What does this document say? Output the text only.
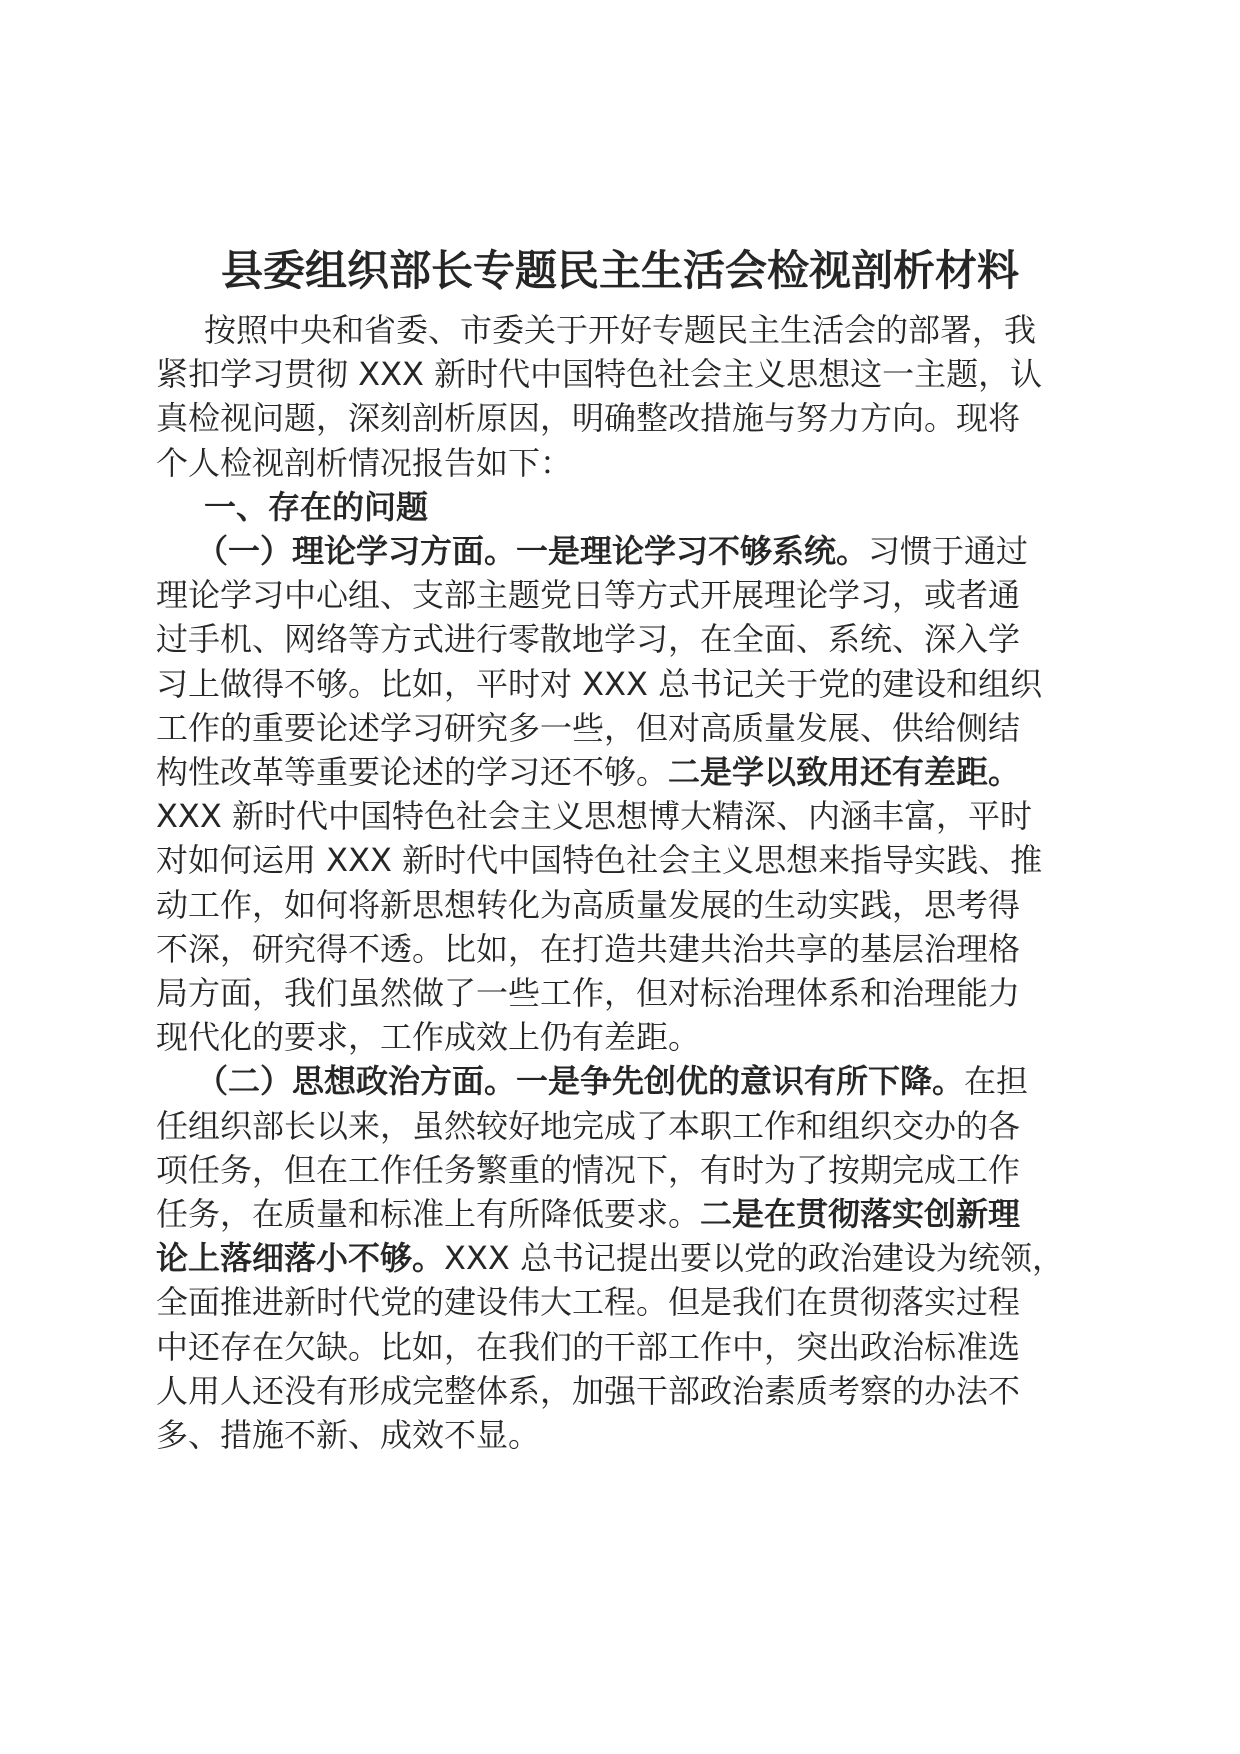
县委组织部长专题民主生活会检视剖析材料
按照中央和省委、市委关于开好专题民主生活会的部署，我
紧扣学习贯彻 XXX 新时代中国特色社会主义思想这一主题，认
真检视问题，深刻剖析原因，明确整改措施与努力方向。现将
个人检视剖析情况报告如下：
一、存在的问题
（一）理论学习方面。一是理论学习不够系统。习惯于通过
理论学习中心组、支部主题党日等方式开展理论学习，或者通
过手机、网络等方式进行零散地学习，在全面、系统、深入学
习上做得不够。比如，平时对 XXX 总书记关于党的建设和组织
工作的重要论述学习研究多一些，但对高质量发展、供给侧结
构性改革等重要论述的学习还不够。二是学以致用还有差距。
XXX 新时代中国特色社会主义思想博大精深、内涵丰富，平时
对如何运用 XXX 新时代中国特色社会主义思想来指导实践、推
动工作，如何将新思想转化为高质量发展的生动实践，思考得
不深，研究得不透。比如，在打造共建共治共享的基层治理格
局方面，我们虽然做了一些工作，但对标治理体系和治理能力
现代化的要求，工作成效上仍有差距。
（二）思想政治方面。一是争先创优的意识有所下降。在担
任组织部长以来，虽然较好地完成了本职工作和组织交办的各
项任务，但在工作任务繁重的情况下，有时为了按期完成工作
任务，在质量和标准上有所降低要求。二是在贯彻落实创新理
论上落细落小不够。XXX 总书记提出要以党的政治建设为统领，
全面推进新时代党的建设伟大工程。但是我们在贯彻落实过程
中还存在欠缺。比如，在我们的干部工作中，突出政治标准选
人用人还没有形成完整体系，加强干部政治素质考察的办法不
多、措施不新、成效不显。
